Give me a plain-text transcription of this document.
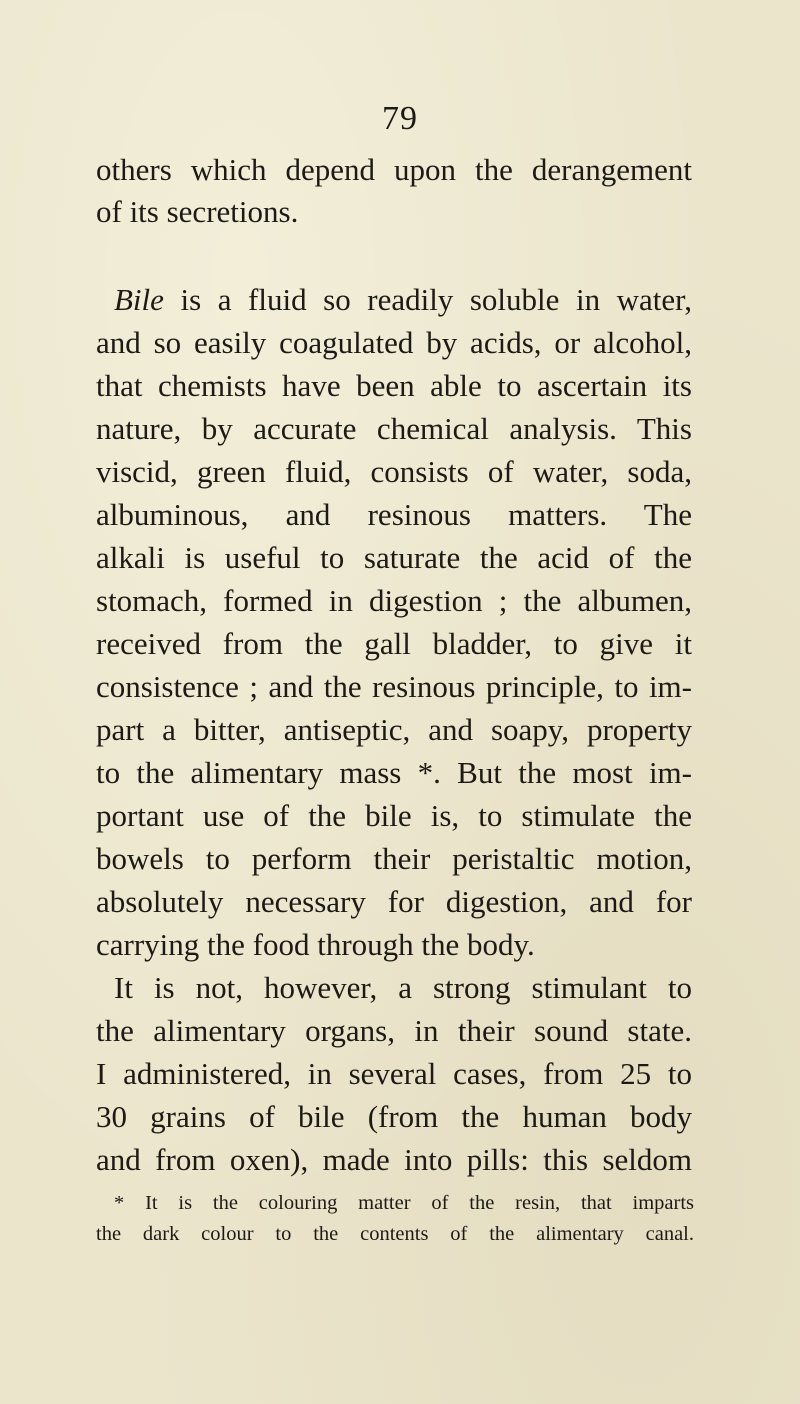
79
others which depend upon the derangement
of its secretions.
Bile is a fluid so readily soluble in water,
and so easily coagulated by acids, or alcohol,
that chemists have been able to ascertain its
nature, by accurate chemical analysis. This
viscid, green fluid, consists of water, soda,
albuminous, and resinous matters. The
alkali is useful to saturate the acid of the
stomach, formed in digestion ; the albumen,
received from the gall bladder, to give it
consistence ; and the resinous principle, to im-
part a bitter, antiseptic, and soapy, property
to the alimentary mass *. But the most im-
portant use of the bile is, to stimulate the
bowels to perform their peristaltic motion,
absolutely necessary for digestion, and for
carrying the food through the body.
It is not, however, a strong stimulant to
the alimentary organs, in their sound state.
I administered, in several cases, from 25 to
30 grains of bile (from the human body
and from oxen), made into pills: this seldom
* It is the colouring matter of the resin, that imparts
the dark colour to the contents of the alimentary canal.
